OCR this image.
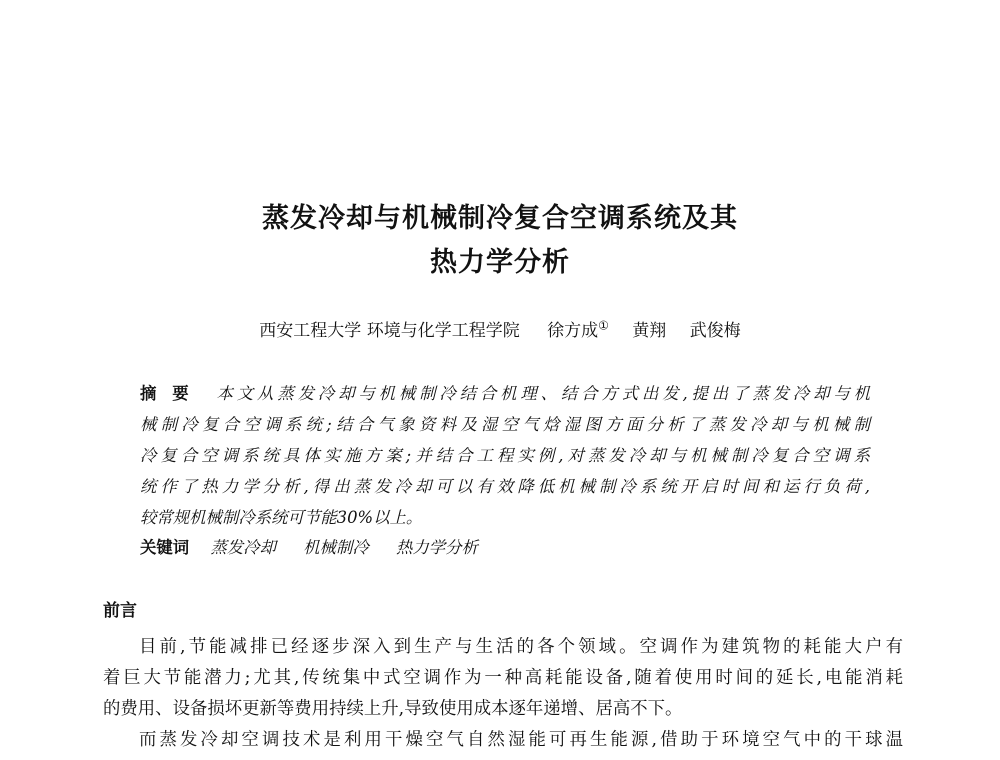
蒸发冷却与机械制冷复合空调系统及其
热力学分析
西安工程大学 环境与化学工程学院 徐方成① 黄翔 武俊梅
摘要 本文从蒸发冷却与机械制冷结合机理、结合方式出发,提出了蒸发冷却与机
械制冷复合空调系统;结合气象资料及湿空气焓湿图方面分析了蒸发冷却与机械制
冷复合空调系统具体实施方案;并结合工程实例,对蒸发冷却与机械制冷复合空调系
统作了热力学分析,得出蒸发冷却可以有效降低机械制冷系统开启时间和运行负荷,
较常规机械制冷系统可节能30%以上。
关键词 蒸发冷却 机械制冷 热力学分析
前言
目前,节能减排已经逐步深入到生产与生活的各个领域。空调作为建筑物的耗能大户有
着巨大节能潜力;尤其,传统集中式空调作为一种高耗能设备,随着使用时间的延长,电能消耗
的费用、设备损坏更新等费用持续上升,导致使用成本逐年递增、居高不下。
而蒸发冷却空调技术是利用干燥空气自然湿能可再生能源,借助于环境空气中的干球温
